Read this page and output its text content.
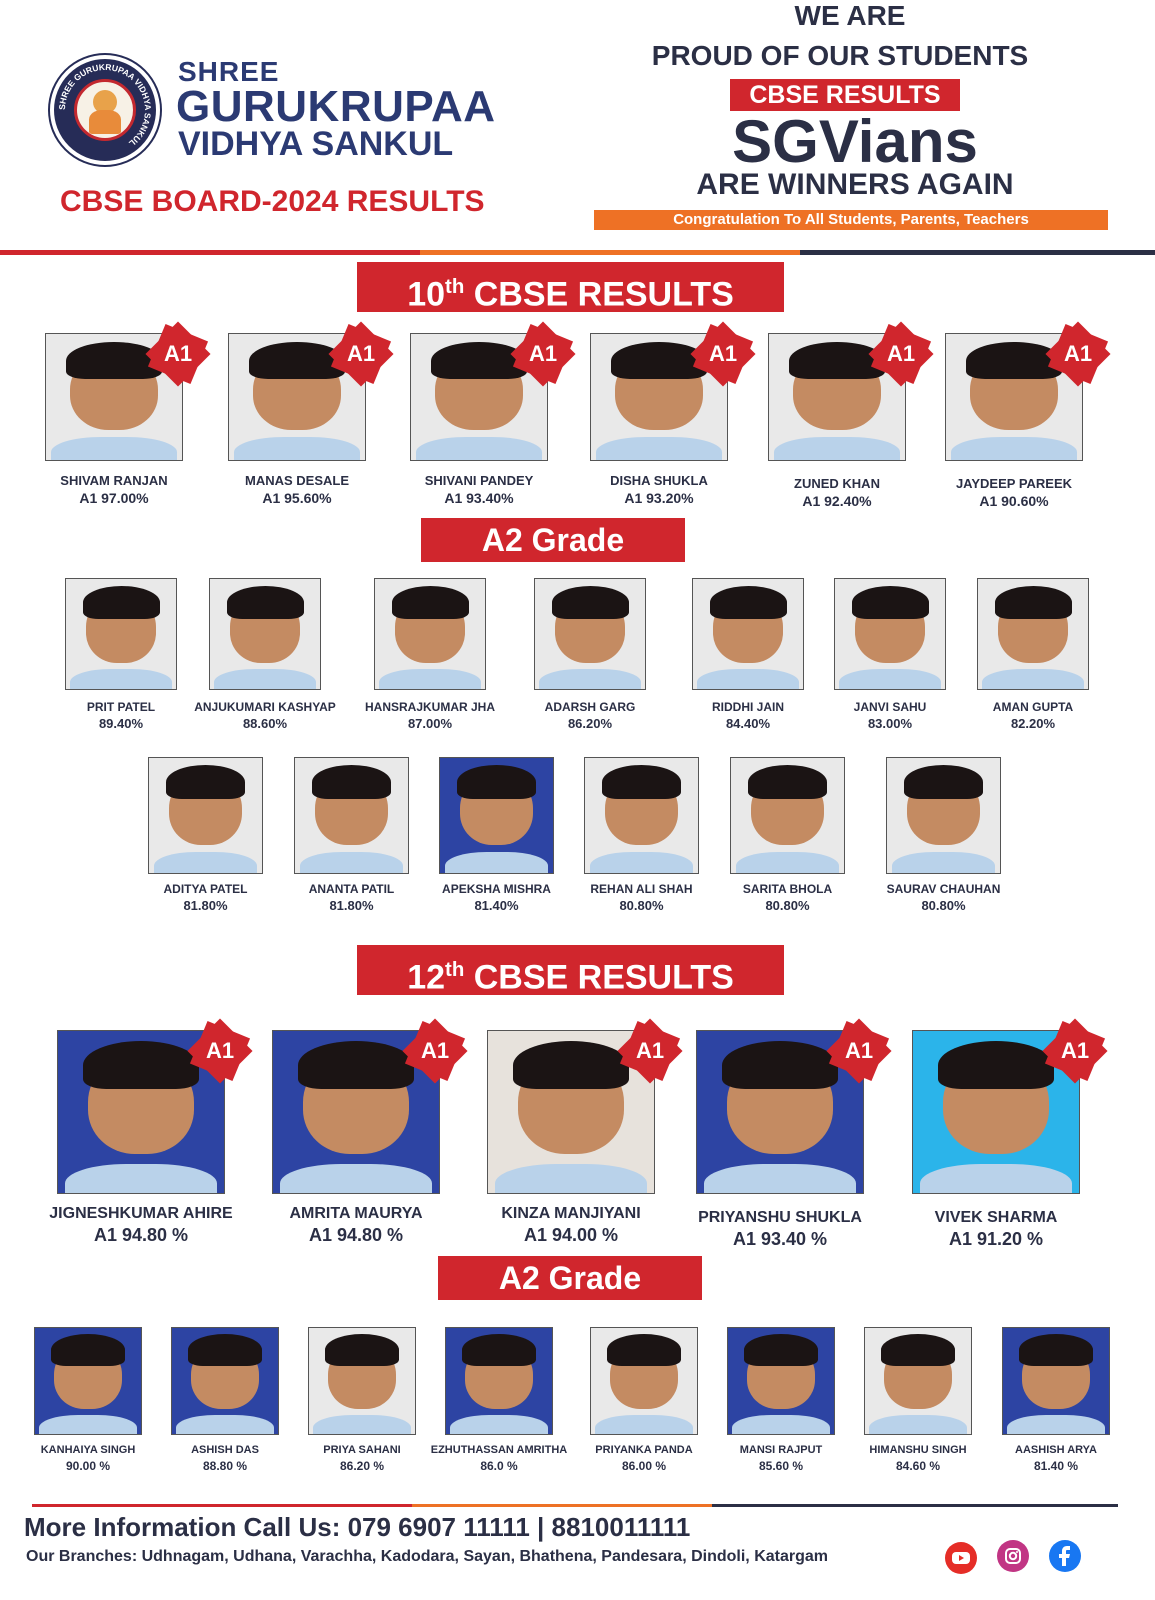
SHREE GURUKRUPAA VIDHYA SANKUL
SHREE
GURUKRUPAA
VIDHYA SANKUL
CBSE BOARD-2024 RESULTS
WE ARE
PROUD OF OUR STUDENTS
CBSE RESULTS
SGVians
ARE WINNERS AGAIN
Congratulation To All Students, Parents, Teachers
10th CBSE RESULTS
A1
SHIVAM RANJAN
A1 97.00%
A1
MANAS DESALE
A1 95.60%
A1
SHIVANI PANDEY
A1 93.40%
A1
DISHA SHUKLA
A1 93.20%
A1
ZUNED KHAN
A1 92.40%
A1
JAYDEEP PAREEK
A1 90.60%
A2 Grade
PRIT PATEL
89.40%
ANJUKUMARI KASHYAP
88.60%
HANSRAJKUMAR JHA
87.00%
ADARSH GARG
86.20%
RIDDHI JAIN
84.40%
JANVI SAHU
83.00%
AMAN GUPTA
82.20%
ADITYA PATEL
81.80%
ANANTA PATIL
81.80%
APEKSHA MISHRA
81.40%
REHAN ALI SHAH
80.80%
SARITA BHOLA
80.80%
SAURAV CHAUHAN
80.80%
12th CBSE RESULTS
A1
JIGNESHKUMAR AHIRE
A1 94.80 %
A1
AMRITA MAURYA
A1 94.80 %
A1
KINZA MANJIYANI
A1 94.00 %
A1
PRIYANSHU SHUKLA
A1 93.40 %
A1
VIVEK SHARMA
A1 91.20 %
A2 Grade
KANHAIYA SINGH
90.00 %
ASHISH DAS
88.80 %
PRIYA SAHANI
86.20 %
EZHUTHASSAN AMRITHA
86.0 %
PRIYANKA PANDA
86.00 %
MANSI RAJPUT
85.60 %
HIMANSHU SINGH
84.60 %
AASHISH ARYA
81.40 %
More Information Call Us: 079 6907 11111 | 8810011111
Our Branches: Udhnagam, Udhana, Varachha, Kadodara, Sayan, Bhathena, Pandesara, Dindoli, Katargam
